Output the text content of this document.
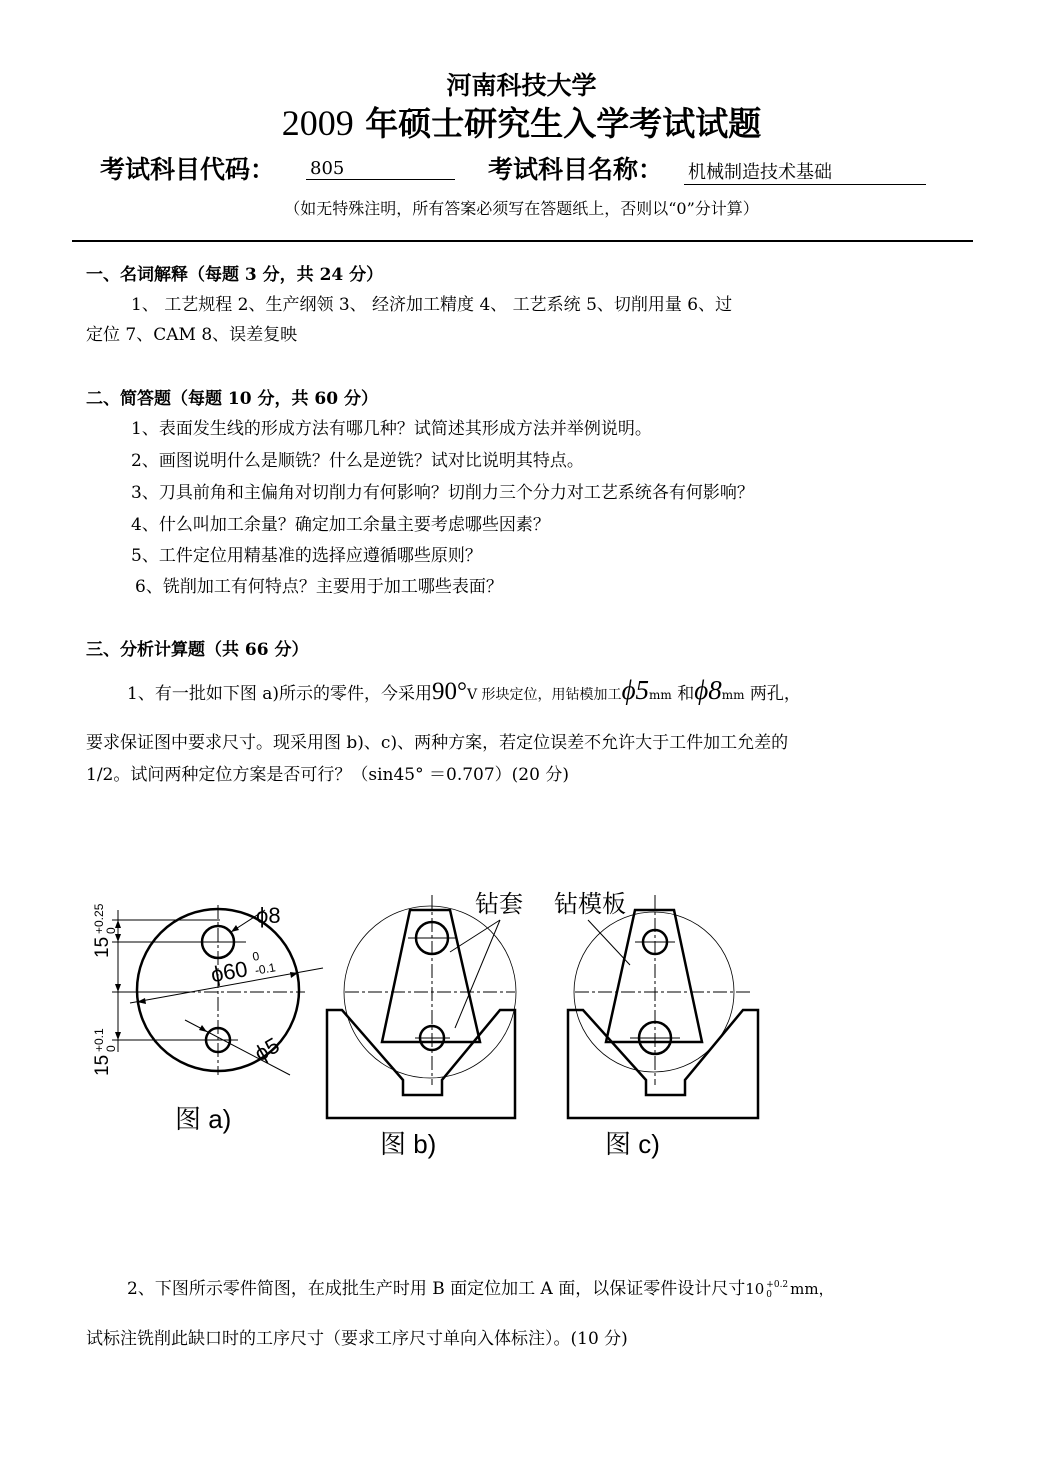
河南科技大学
2009 年硕士研究生入学考试试题
考试科目代码： 805	考试科目名称： 机械制造技术基础
（如无特殊注明，所有答案必须写在答题纸上，否则以“0”分计算）
一、名词解释（每题 3 分，共 24 分）
1、 工艺规程 2、生产纲领 3、 经济加工精度 4、 工艺系统 5、切削用量 6、过
定位 7、CAM 8、误差复映
二、简答题（每题 10 分，共 60 分）
1、表面发生线的形成方法有哪几种？试简述其形成方法并举例说明。
2、画图说明什么是顺铣？什么是逆铣？试对比说明其特点。
3、刀具前角和主偏角对切削力有何影响？切削力三个分力对工艺系统各有何影响？
4、什么叫加工余量？确定加工余量主要考虑哪些因素？
5、工件定位用精基准的选择应遵循哪些原则？
6、铣削加工有何特点？主要用于加工哪些表面？
三、分析计算题（共 66 分）
1、有一批如下图 a)所示的零件，今采用90°V 形块定位，用钻模加工ϕ5mm 和ϕ8mm 两孔，
要求保证图中要求尺寸。现采用图 b)、c)、两种方案，若定位误差不允许大于工件加工允差的
1/2。试问两种定位方案是否可行？（sin45° ＝0.707）(20 分)
15
+0.25
0
15
+0.1
0
ϕ8
ϕ60 0
-0.1
ϕ5
图 a)
钻套
图 b)
钻模板
图 c)
2、下图所示零件简图，在成批生产时用 B 面定位加工 A 面，以保证零件设计尺寸10 +0.2
0	mm，
试标注铣削此缺口时的工序尺寸（要求工序尺寸单向入体标注）。(10 分)
